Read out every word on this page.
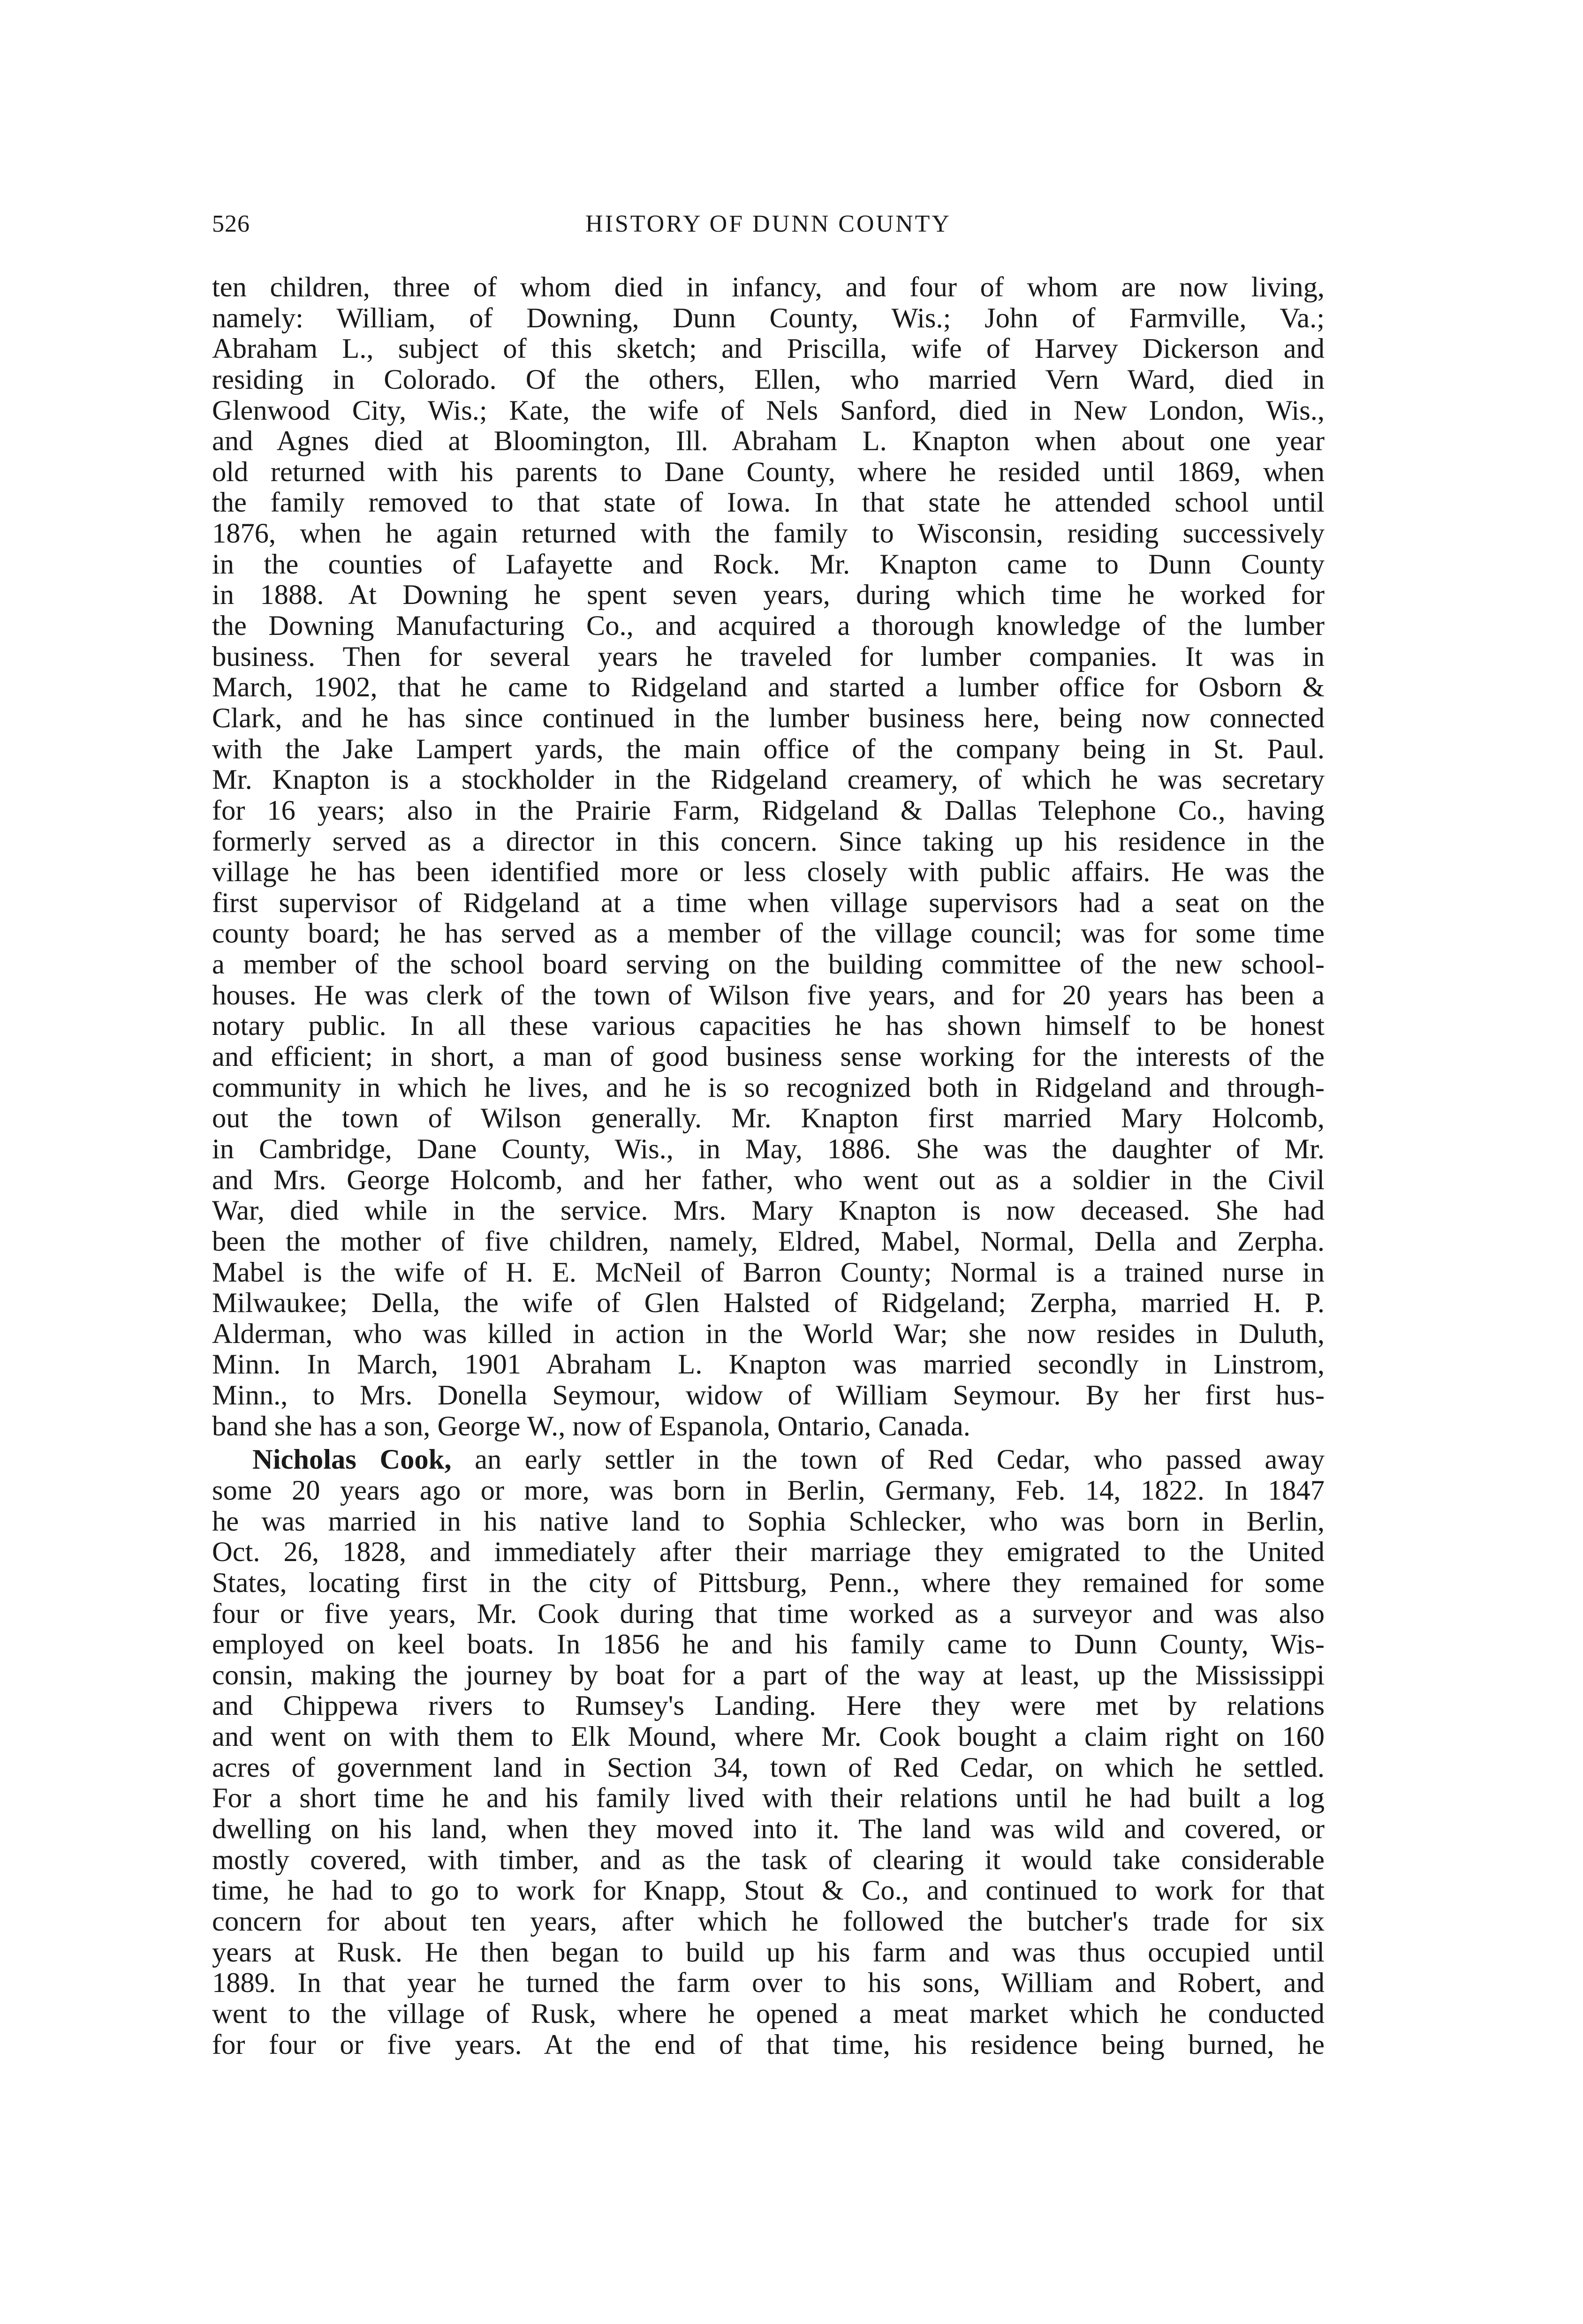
526	HISTORY OF DUNN COUNTY
ten children, three of whom died in infancy, and four of whom are now living,
namely: William, of Downing, Dunn County, Wis.; John of Farmville, Va.;
Abraham L., subject of this sketch; and Priscilla, wife of Harvey Dickerson and
residing in Colorado. Of the others, Ellen, who married Vern Ward, died in
Glenwood City, Wis.; Kate, the wife of Nels Sanford, died in New London, Wis.,
and Agnes died at Bloomington, Ill. Abraham L. Knapton when about one year
old returned with his parents to Dane County, where he resided until 1869, when
the family removed to that state of Iowa. In that state he attended school until
1876, when he again returned with the family to Wisconsin, residing successively
in the counties of Lafayette and Rock. Mr. Knapton came to Dunn County
in 1888. At Downing he spent seven years, during which time he worked for
the Downing Manufacturing Co., and acquired a thorough knowledge of the lumber
business. Then for several years he traveled for lumber companies. It was in
March, 1902, that he came to Ridgeland and started a lumber office for Osborn &
Clark, and he has since continued in the lumber business here, being now connected
with the Jake Lampert yards, the main office of the company being in St. Paul.
Mr. Knapton is a stockholder in the Ridgeland creamery, of which he was secretary
for 16 years; also in the Prairie Farm, Ridgeland & Dallas Telephone Co., having
formerly served as a director in this concern. Since taking up his residence in the
village he has been identified more or less closely with public affairs. He was the
first supervisor of Ridgeland at a time when village supervisors had a seat on the
county board; he has served as a member of the village council; was for some time
a member of the school board serving on the building committee of the new school-
houses. He was clerk of the town of Wilson five years, and for 20 years has been a
notary public. In all these various capacities he has shown himself to be honest
and efficient; in short, a man of good business sense working for the interests of the
community in which he lives, and he is so recognized both in Ridgeland and through-
out the town of Wilson generally. Mr. Knapton first married Mary Holcomb,
in Cambridge, Dane County, Wis., in May, 1886. She was the daughter of Mr.
and Mrs. George Holcomb, and her father, who went out as a soldier in the Civil
War, died while in the service. Mrs. Mary Knapton is now deceased. She had
been the mother of five children, namely, Eldred, Mabel, Normal, Della and Zerpha.
Mabel is the wife of H. E. McNeil of Barron County; Normal is a trained nurse in
Milwaukee; Della, the wife of Glen Halsted of Ridgeland; Zerpha, married H. P.
Alderman, who was killed in action in the World War; she now resides in Duluth,
Minn. In March, 1901 Abraham L. Knapton was married secondly in Linstrom,
Minn., to Mrs. Donella Seymour, widow of William Seymour. By her first hus-
band she has a son, George W., now of Espanola, Ontario, Canada.
Nicholas Cook, an early settler in the town of Red Cedar, who passed away
some 20 years ago or more, was born in Berlin, Germany, Feb. 14, 1822. In 1847
he was married in his native land to Sophia Schlecker, who was born in Berlin,
Oct. 26, 1828, and immediately after their marriage they emigrated to the United
States, locating first in the city of Pittsburg, Penn., where they remained for some
four or five years, Mr. Cook during that time worked as a surveyor and was also
employed on keel boats. In 1856 he and his family came to Dunn County, Wis-
consin, making the journey by boat for a part of the way at least, up the Mississippi
and Chippewa rivers to Rumsey's Landing. Here they were met by relations
and went on with them to Elk Mound, where Mr. Cook bought a claim right on 160
acres of government land in Section 34, town of Red Cedar, on which he settled.
For a short time he and his family lived with their relations until he had built a log
dwelling on his land, when they moved into it. The land was wild and covered, or
mostly covered, with timber, and as the task of clearing it would take considerable
time, he had to go to work for Knapp, Stout & Co., and continued to work for that
concern for about ten years, after which he followed the butcher's trade for six
years at Rusk. He then began to build up his farm and was thus occupied until
1889. In that year he turned the farm over to his sons, William and Robert, and
went to the village of Rusk, where he opened a meat market which he conducted
for four or five years. At the end of that time, his residence being burned, he
